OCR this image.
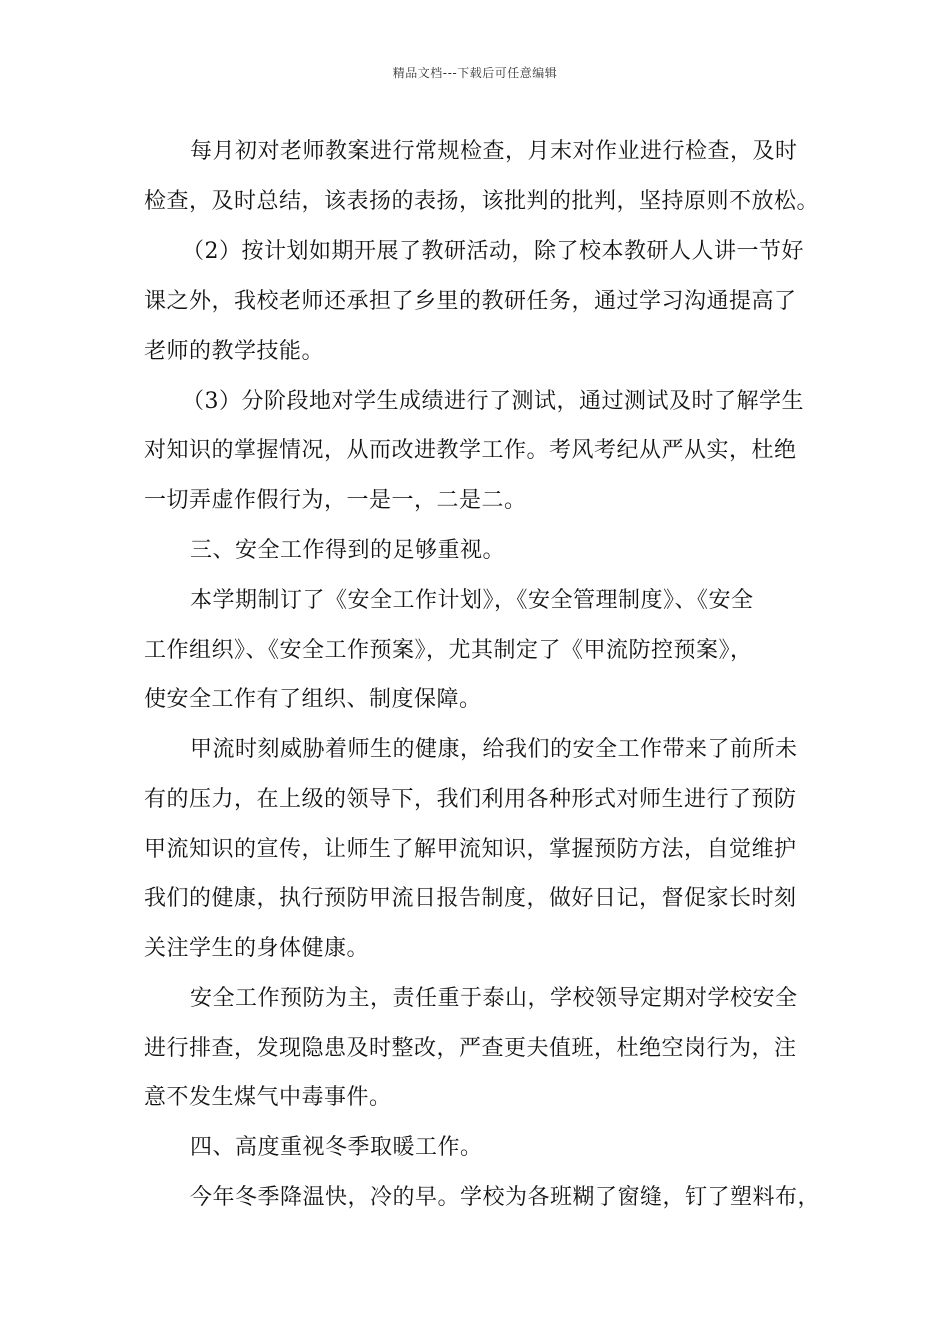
精品文档---下载后可任意编辑
每月初对老师教案进行常规检查，月末对作业进行检查，及时
检查，及时总结，该表扬的表扬，该批判的批判，坚持原则不放松。
（2）按计划如期开展了教研活动，除了校本教研人人讲一节好
课之外，我校老师还承担了乡里的教研任务，通过学习沟通提高了
老师的教学技能。
（3）分阶段地对学生成绩进行了测试，通过测试及时了解学生
对知识的掌握情况，从而改进教学工作。考风考纪从严从实，杜绝
一切弄虚作假行为，一是一，二是二。
三、安全工作得到的足够重视。
本学期制订了《安全工作计划》，《安全管理制度》、《安全
工作组织》、《安全工作预案》，尤其制定了《甲流防控预案》，
使安全工作有了组织、制度保障。
甲流时刻威胁着师生的健康，给我们的安全工作带来了前所未
有的压力，在上级的领导下，我们利用各种形式对师生进行了预防
甲流知识的宣传，让师生了解甲流知识，掌握预防方法，自觉维护
我们的健康，执行预防甲流日报告制度，做好日记，督促家长时刻
关注学生的身体健康。
安全工作预防为主，责任重于泰山，学校领导定期对学校安全
进行排查，发现隐患及时整改，严查更夫值班，杜绝空岗行为，注
意不发生煤气中毒事件。
四、高度重视冬季取暖工作。
今年冬季降温快，冷的早。学校为各班糊了窗缝，钉了塑料布，
